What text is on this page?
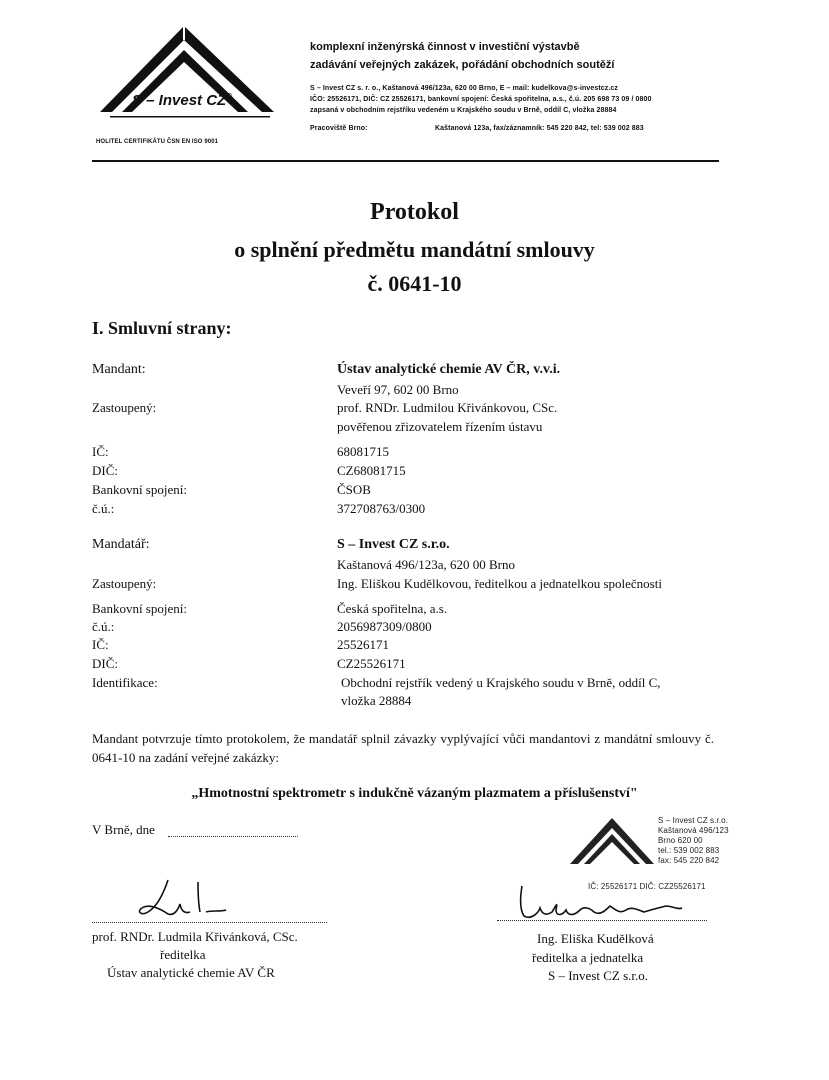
S – Invest CZ®
HOLITEL CERTIFIKÁTU ČSN EN ISO 9001
komplexní inženýrská činnost v investiční výstavbě
zadávání veřejných zakázek, pořádání obchodních soutěží
S – Invest CZ s. r. o., Kaštanová 496/123a, 620 00 Brno, E – mail: kudelkova@s-investcz.cz
IČO: 25526171, DIČ: CZ 25526171, bankovní spojení: Česká spořitelna, a.s., č.ú. 205 698 73 09 / 0800
zapsaná v obchodním rejstříku vedeném u Krajského soudu v Brně, oddíl C, vložka 28884
Pracoviště Brno:	Kaštanová 123a, fax/záznamník: 545 220 842, tel: 539 002 883
Protokol
o splnění předmětu mandátní smlouvy
č. 0641-10
I. Smluvní strany:
Mandant:	Ústav analytické chemie AV ČR, v.v.i.
Veveří 97, 602 00 Brno
Zastoupený:	prof. RNDr. Ludmilou Křivánkovou, CSc.
pověřenou zřizovatelem řízením ústavu
IČ:	68081715
DIČ:	CZ68081715
Bankovní spojení:	ČSOB
č.ú.:	372708763/0300
Mandatář:	S – Invest CZ s.r.o.
Kaštanová 496/123a, 620 00 Brno
Zastoupený:	Ing. Eliškou Kudělkovou, ředitelkou a jednatelkou společnosti
Bankovní spojení:	Česká spořitelna, a.s.
č.ú.:	2056987309/0800
IČ:	25526171
DIČ:	CZ25526171
Identifikace:	Obchodní rejstřík vedený u Krajského soudu v Brně, oddíl C,
vložka 28884
Mandant potvrzuje tímto protokolem, že mandatář splnil závazky vyplývající vůči mandantovi z mandátní smlouvy č. 0641-10 na zadání veřejné zakázky:
„Hmotnostní spektrometr s indukčně vázaným plazmatem a příslušenství"
V Brně, dne
prof. RNDr. Ludmila Křivánková, CSc.
ředitelka
Ústav analytické chemie AV ČR
S – Invest CZ s.r.o.
Kaštanová 496/123
Brno 620 00
tel.: 539 002 883
fax: 545 220 842
IČ: 25526171 DIČ: CZ25526171
Ing. Eliška Kudělková
ředitelka a jednatelka
S – Invest CZ s.r.o.
